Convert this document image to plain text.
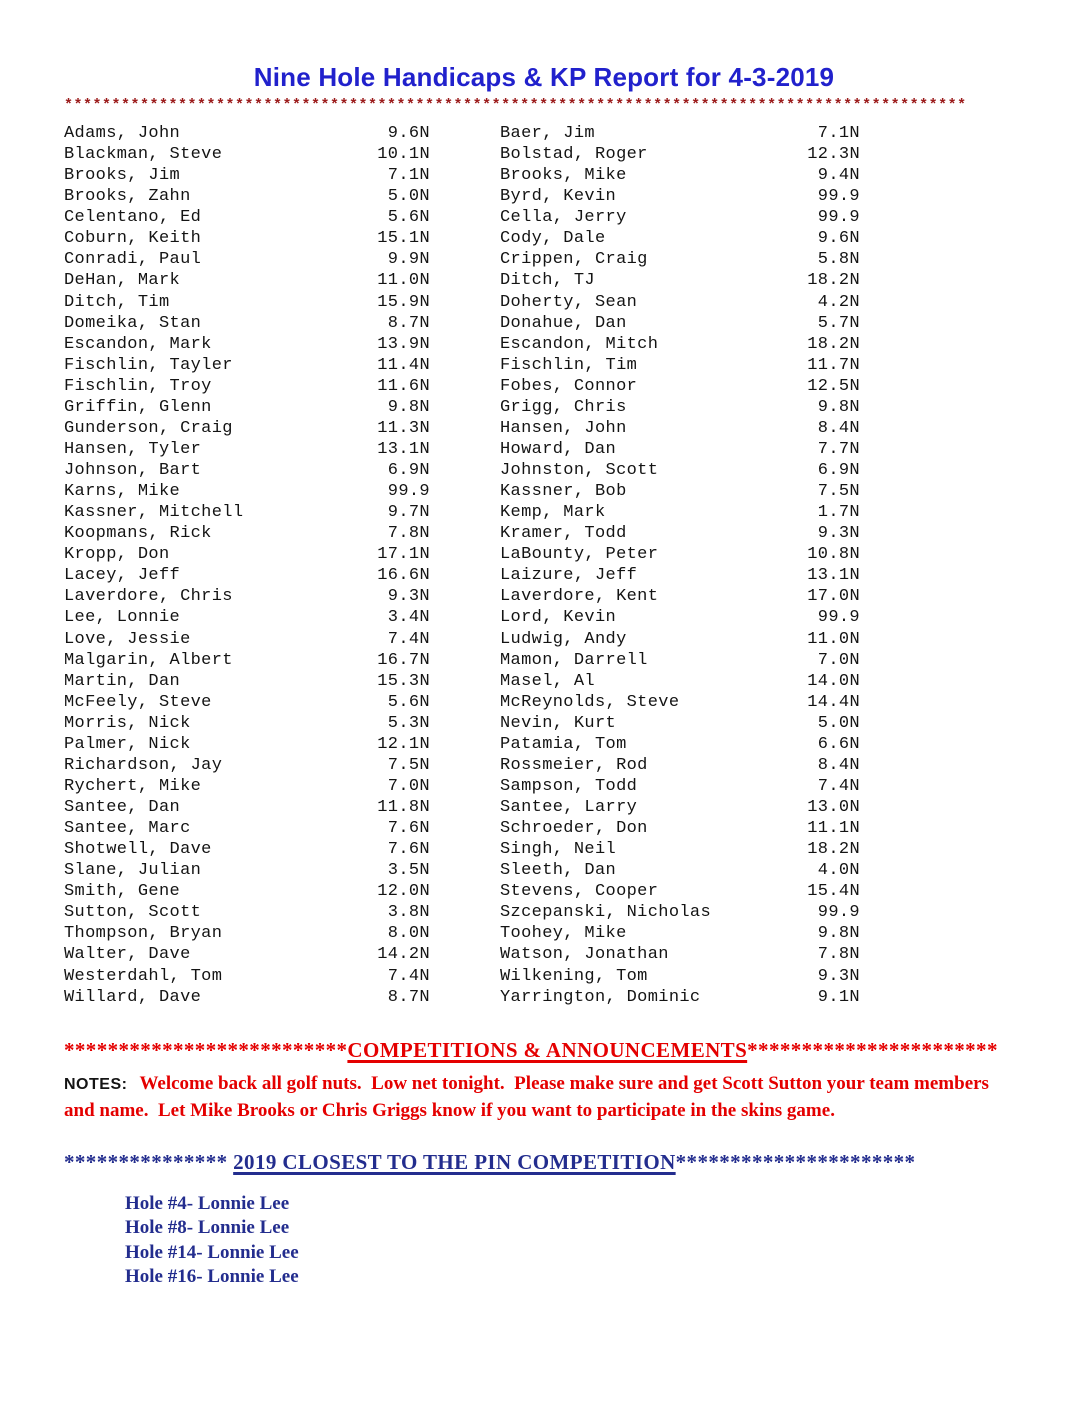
Nine Hole Handicaps & KP Report for 4-3-2019
***********************************************************************************************
Adams, John	9.6N	Baer, Jim	7.1N
Blackman, Steve	10.1N	Bolstad, Roger	12.3N
Brooks, Jim	7.1N	Brooks, Mike	9.4N
Brooks, Zahn	5.0N	Byrd, Kevin	99.9
Celentano, Ed	5.6N	Cella, Jerry	99.9
Coburn, Keith	15.1N	Cody, Dale	9.6N
Conradi, Paul	9.9N	Crippen, Craig	5.8N
DeHan, Mark	11.0N	Ditch, TJ	18.2N
Ditch, Tim	15.9N	Doherty, Sean	4.2N
Domeika, Stan	8.7N	Donahue, Dan	5.7N
Escandon, Mark	13.9N	Escandon, Mitch	18.2N
Fischlin, Tayler	11.4N	Fischlin, Tim	11.7N
Fischlin, Troy	11.6N	Fobes, Connor	12.5N
Griffin, Glenn	9.8N	Grigg, Chris	9.8N
Gunderson, Craig	11.3N	Hansen, John	8.4N
Hansen, Tyler	13.1N	Howard, Dan	7.7N
Johnson, Bart	6.9N	Johnston, Scott	6.9N
Karns, Mike	99.9	Kassner, Bob	7.5N
Kassner, Mitchell	9.7N	Kemp, Mark	1.7N
Koopmans, Rick	7.8N	Kramer, Todd	9.3N
Kropp, Don	17.1N	LaBounty, Peter	10.8N
Lacey, Jeff	16.6N	Laizure, Jeff	13.1N
Laverdore, Chris	9.3N	Laverdore, Kent	17.0N
Lee, Lonnie	3.4N	Lord, Kevin	99.9
Love, Jessie	7.4N	Ludwig, Andy	11.0N
Malgarin, Albert	16.7N	Mamon, Darrell	7.0N
Martin, Dan	15.3N	Masel, Al	14.0N
McFeely, Steve	5.6N	McReynolds, Steve	14.4N
Morris, Nick	5.3N	Nevin, Kurt	5.0N
Palmer, Nick	12.1N	Patamia, Tom	6.6N
Richardson, Jay	7.5N	Rossmeier, Rod	8.4N
Rychert, Mike	7.0N	Sampson, Todd	7.4N
Santee, Dan	11.8N	Santee, Larry	13.0N
Santee, Marc	7.6N	Schroeder, Don	11.1N
Shotwell, Dave	7.6N	Singh, Neil	18.2N
Slane, Julian	3.5N	Sleeth, Dan	4.0N
Smith, Gene	12.0N	Stevens, Cooper	15.4N
Sutton, Scott	3.8N	Szcepanski, Nicholas	99.9
Thompson, Bryan	8.0N	Toohey, Mike	9.8N
Walter, Dave	14.2N	Watson, Jonathan	7.8N
Westerdahl, Tom	7.4N	Wilkening, Tom	9.3N
Willard, Dave	8.7N	Yarrington, Dominic	9.1N
**************************COMPETITIONS & ANNOUNCEMENTS***********************

NOTES: Welcome back all golf nuts.  Low net tonight.  Please make sure and get Scott Sutton your team members and name.  Let Mike Brooks or Chris Griggs know if you want to participate in the skins game.

*************** 2019 CLOSEST TO THE PIN COMPETITION**********************
Hole #4- Lonnie Lee
Hole #8- Lonnie Lee
Hole #14- Lonnie Lee
Hole #16- Lonnie Lee
